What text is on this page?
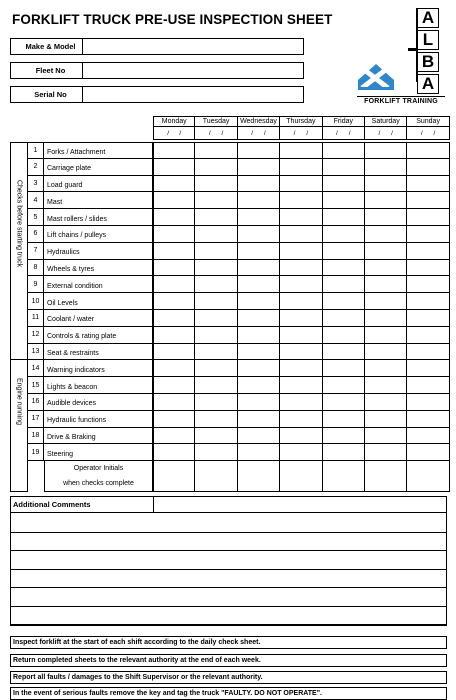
FORKLIFT TRUCK PRE-USE INSPECTION SHEET
Make & Model
Fleet No
Serial No
A
L
B
A
FORKLIFT TRAINING
Monday
/ /
Tuesday
/ /
Wednesday
/ /
Thursday
/ /
Friday
/ /
Saturday
/ /
Sunday
/ /
Checks before starting truck
Engine running
1	Forks / Attachment
2	Carriage plate
3	Load guard
4	Mast
5	Mast rollers / slides
6	Lift chains / pulleys
7	Hydraulics
8	Wheels & tyres
9	External condition
10	Oil Levels
11	Coolant / water
12	Controls & rating plate
13	Seat & restraints
14	Warning indicators
15	Lights & beacon
16	Audible devices
17	Hydraulic functions
18	Drive & Braking
19	Steering
Operator Initials
when checks complete
Additional Comments
Inspect forklift at the start of each shift according to the daily check sheet.
Return completed sheets to the relevant authority at the end of each week.
Report all faults / damages to the Shift Supervisor or the relevant authority.
In the event of serious faults remove the key and tag the truck "FAULTY. DO NOT OPERATE".
